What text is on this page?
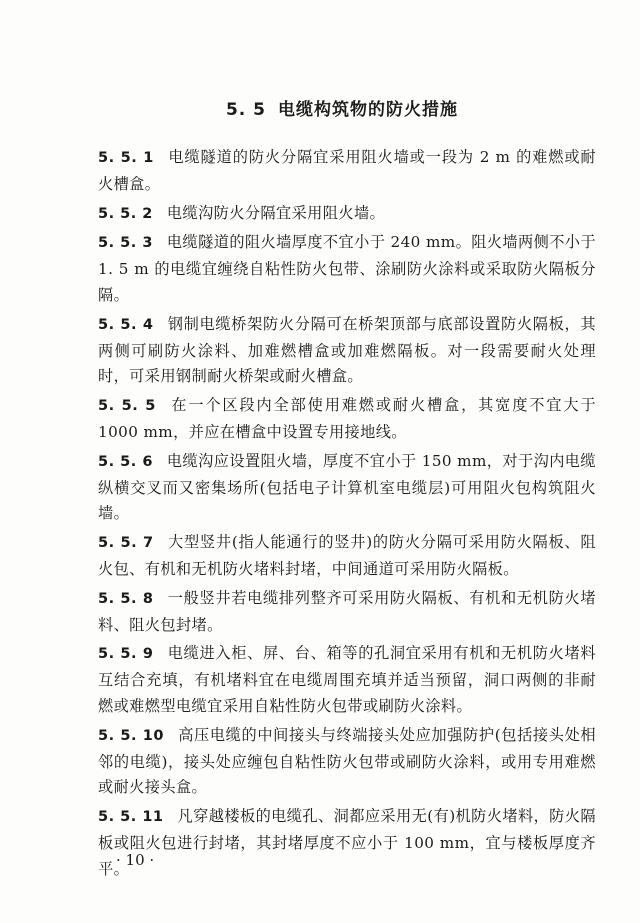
5. 5 电缆构筑物的防火措施

5. 5. 1 电缆隧道的防火分隔宜采用阻火墙或一段为 2 m 的难燃或耐火槽盒。

5. 5. 2 电缆沟防火分隔宜采用阻火墙。

5. 5. 3 电缆隧道的阻火墙厚度不宜小于 240 mm。阻火墙两侧不小于 1. 5 m 的电缆宜缠绕自粘性防火包带、涂刷防火涂料或采取防火隔板分隔。

5. 5. 4 钢制电缆桥架防火分隔可在桥架顶部与底部设置防火隔板，其两侧可刷防火涂料、加难燃槽盒或加难燃隔板。对一段需要耐火处理时，可采用钢制耐火桥架或耐火槽盒。

5. 5. 5 在一个区段内全部使用难燃或耐火槽盒，其宽度不宜大于 1000 mm，并应在槽盒中设置专用接地线。

5. 5. 6 电缆沟应设置阻火墙，厚度不宜小于 150 mm，对于沟内电缆纵横交叉而又密集场所(包括电子计算机室电缆层)可用阻火包构筑阻火墙。

5. 5. 7 大型竖井(指人能通行的竖井)的防火分隔可采用防火隔板、阻火包、有机和无机防火堵料封堵，中间通道可采用防火隔板。

5. 5. 8 一般竖井若电缆排列整齐可采用防火隔板、有机和无机防火堵料、阻火包封堵。

5. 5. 9 电缆进入柜、屏、台、箱等的孔洞宜采用有机和无机防火堵料互结合充填，有机堵料宜在电缆周围充填并适当预留，洞口两侧的非耐燃或难燃型电缆宜采用自粘性防火包带或刷防火涂料。

5. 5. 10 高压电缆的中间接头与终端接头处应加强防护(包括接头处相邻的电缆)，接头处应缠包自粘性防火包带或刷防火涂料，或用专用难燃或耐火接头盒。

5. 5. 11 凡穿越楼板的电缆孔、洞都应采用无(有)机防火堵料，防火隔板或阻火包进行封堵，其封堵厚度不应小于 100 mm，宜与楼板厚度齐平。

· 10 ·
